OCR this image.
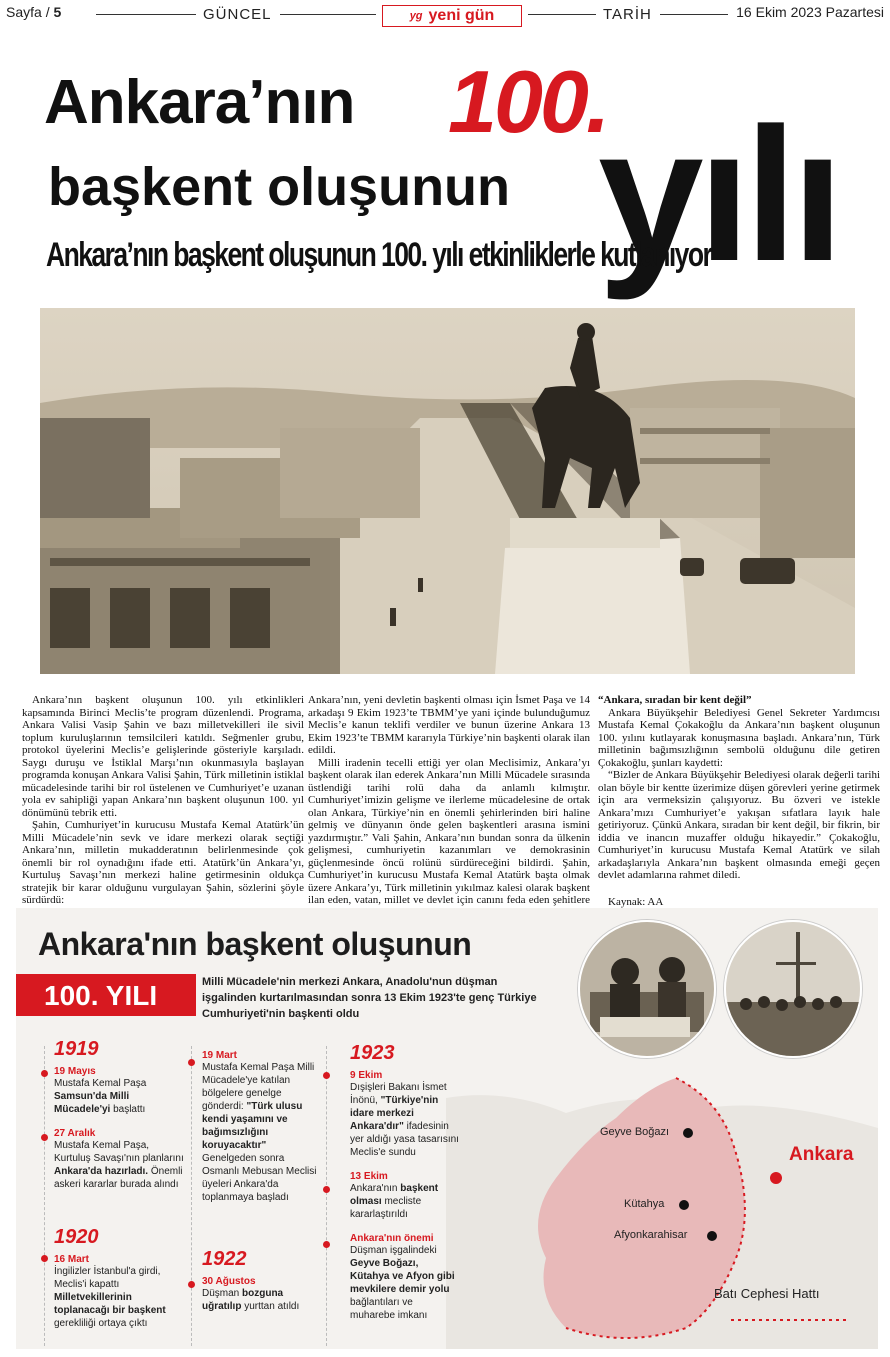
Sayfa / 5	GÜNCEL	yg yeni gün	TARİH	16 Ekim 2023 Pazartesi
Ankara’nın 100.
başkent oluşunun yılı
Ankara’nın başkent oluşunun 100. yılı etkinliklerle kutlanıyor

Ankara’nın başkent oluşunun 100. yılı etkinlikleri kapsamında Birinci Meclis’te program düzenlendi. Programa, Ankara Valisi Vasip Şahin ve bazı milletvekilleri ile sivil toplum kuruluşlarının temsilcileri katıldı. Seğmenler grubu, protokol üyelerini Meclis’e gelişlerinde gösteriyle karşıladı. Saygı duruşu ve İstiklal Marşı’nın okunmasıyla başlayan programda konuşan Ankara Valisi Şahin, Türk milletinin istiklal mücadelesinde tarihi bir rol üstelenen ve Cumhuriyet’e uzanan yola ev sahipliği yapan Ankara’nın başkent oluşunun 100. yıl dönümünü tebrik etti.

Şahin, Cumhuriyet’in kurucusu Mustafa Kemal Atatürk’ün Milli Mücadele’nin sevk ve idare merkezi olarak seçtiği Ankara’nın, milletin mukadderatının belirlenmesinde çok önemli bir rol oynadığını ifade etti. Atatürk’ün Ankara’yı, Kurtuluş Savaşı’nın merkezi haline getirmesinin oldukça stratejik bir karar olduğunu vurgulayan Şahin, sözlerini şöyle sürdürdü:

Ankara’nın, yeni devletin başkenti olması için İsmet Paşa ve 14 arkadaşı 9 Ekim 1923’te TBMM’ye yani içinde bulunduğumuz Meclis’e kanun teklifi verdiler ve bunun üzerine Ankara 13 Ekim 1923’te TBMM kararıyla Türkiye’nin başkenti olarak ilan edildi.

Milli iradenin tecelli ettiği yer olan Meclisimiz, Ankara’yı başkent olarak ilan ederek Ankara’nın Milli Mücadele sırasında üstlendiği tarihi rolü daha da anlamlı kılmıştır. Cumhuriyet’imizin gelişme ve ilerleme mücadelesine de ortak olan Ankara, Türkiye’nin en önemli şehirlerinden biri haline gelmiş ve dünyanın önde gelen başkentleri arasına ismini yazdırmıştır.” Vali Şahin, Ankara’nın bundan sonra da ülkenin gelişmesi, cumhuriyetin kazanımları ve demokrasinin güçlenmesinde öncü rolünü sürdüreceğini bildirdi. Şahin, Cumhuriyet’in kurucusu Mustafa Kemal Atatürk başta olmak üzere Ankara’yı, Türk milletinin yıkılmaz kalesi olarak başkent ilan eden, vatan, millet ve devlet için canını feda eden şehitlere

“Ankara, sıradan bir kent değil”

Ankara Büyükşehir Belediyesi Genel Sekreter Yardımcısı Mustafa Kemal Çokakoğlu da Ankara’nın başkent oluşunun 100. yılını kutlayarak konuşmasına başladı. Ankara’nın, Türk milletinin bağımsızlığının sembolü olduğunu dile getiren Çokakoğlu, şunları kaydetti:

“Bizler de Ankara Büyükşehir Belediyesi olarak değerli tarihi olan böyle bir kentte üzerimize düşen görevleri yerine getirmek için ara vermeksizin çalışıyoruz. Bu özveri ve istekle Ankara’mızı Cumhuriyet’e yakışan sıfatlara layık hale getiriyoruz. Çünkü Ankara, sıradan bir kent değil, bir fikrin, bir iddia ve inancın muzaffer olduğu hikayedir.” Çokakoğlu, Cumhuriyet’in kurucusu Mustafa Kemal Atatürk ve silah arkadaşlarıyla Ankara’nın başkent olmasında emeği geçen devlet adamlarına rahmet diledi.

Kaynak: AA

Ankara'nın başkent oluşunun
100. YILI	Milli Mücadele'nin merkezi Ankara, Anadolu'nun düşman işgalinden kurtarılmasından sonra 13 Ekim 1923'te genç Türkiye Cumhuriyeti'nin başkenti oldu
1919
19 Mayıs

Mustafa Kemal Paşa Samsun'da Milli Mücadele'yi başlattı

27 Aralık

Mustafa Kemal Paşa, Kurtuluş Savaşı'nın planlarını Ankara'da hazırladı. Önemli askeri kararlar burada alındı

1920
16 Mart

İngilizler İstanbul'a girdi, Meclis'i kapattı Milletvekillerinin toplanacağı bir başkent gerekliliği ortaya çıktı

19 Mart

Mustafa Kemal Paşa Milli Mücadele'ye katılan bölgelere genelge gönderdi: "Türk ulusu kendi yaşamını ve bağımsızlığını koruyacaktır" Genelgeden sonra Osmanlı Mebusan Meclisi üyeleri Ankara'da toplanmaya başladı

1922
30 Ağustos

Düşman bozguna uğratılıp yurttan atıldı

1923
9 Ekim

Dışişleri Bakanı İsmet İnönü, "Türkiye'nin idare merkezi Ankara'dır" ifadesinin yer aldığı yasa tasarısını Meclis'e sundu

13 Ekim

Ankara'nın başkent olması mecliste kararlaştırıldı

Ankara'nın önemi

Düşman işgalindeki Geyve Boğazı, Kütahya ve Afyon gibi mevkilere demir yolu bağlantıları ve muharebe imkanı

Geyve Boğazı
Kütahya
Afyonkarahisar
Ankara
Batı Cephesi Hattı
